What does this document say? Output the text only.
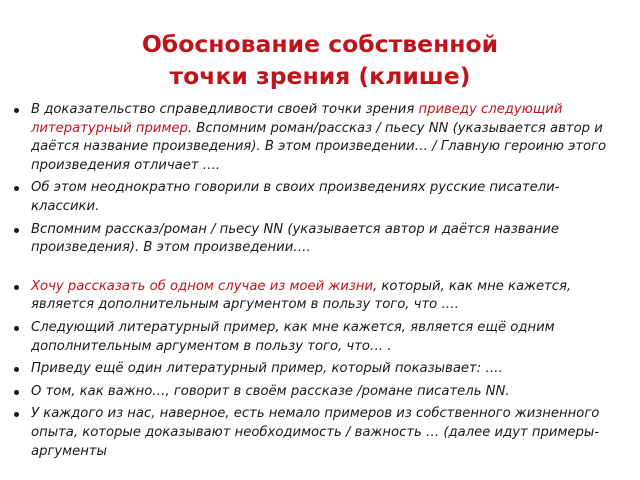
Обоснование собственной
точки зрения (клише)
В доказательство справедливости своей точки зрения приведу следующий литературный пример. Вспомним роман/рассказ / пьесу NN (указывается автор и даётся название произведения). В этом произведении… / Главную героиню этого произведения отличает ….
Об этом неоднократно говорили в своих произведениях русские писатели-классики.
Вспомним рассказ/роман / пьесу NN (указывается автор и даётся название произведения). В этом произведении….
Хочу рассказать об одном случае из моей жизни, который, как мне кажется, является дополнительным аргументом в пользу того, что ….
Следующий литературный пример, как мне кажется, является ещё одним дополнительным аргументом в пользу того, что… .
Приведу ещё один литературный пример, который показывает: ….
О том, как важно…, говорит в своём рассказе /романе писатель NN.
У каждого из нас, наверное, есть немало примеров из собственного жизненного опыта, которые доказывают необходимость / важность … (далее идут примеры- аргументы
